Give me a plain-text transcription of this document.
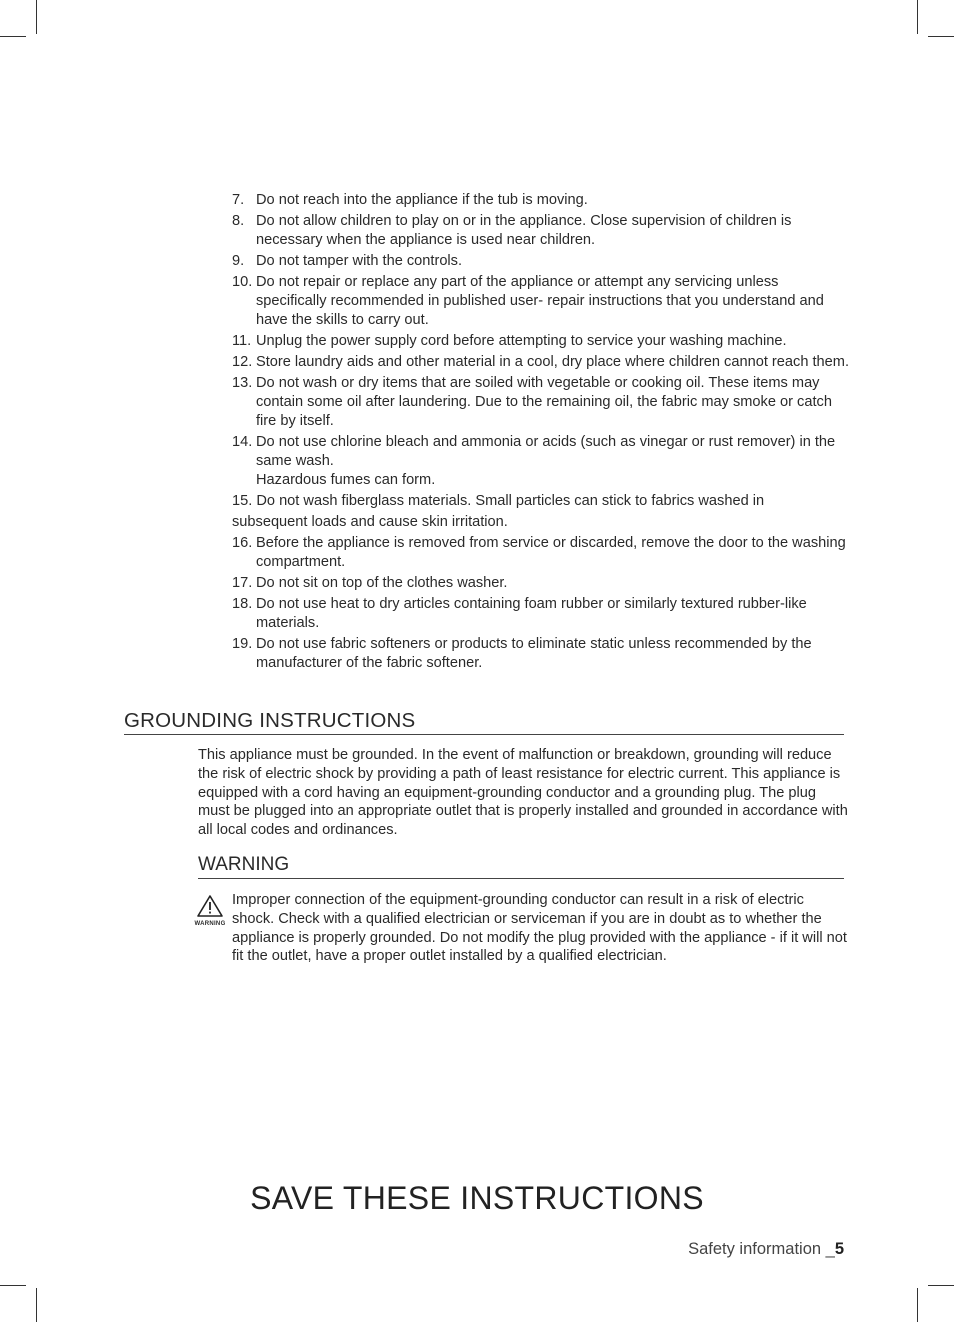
7. Do not reach into the appliance if the tub is moving.
8. Do not allow children to play on or in the appliance. Close supervision of children is necessary when the appliance is used near children.
9. Do not tamper with the controls.
10. Do not repair or replace any part of the appliance or attempt any servicing unless specifically recommended in published user- repair instructions that you understand and have the skills to carry out.
11. Unplug the power supply cord before attempting to service your washing machine.
12. Store laundry aids and other material in a cool, dry place where children cannot reach them.
13. Do not wash or dry items that are soiled with vegetable or cooking oil. These items may contain some oil after laundering. Due to the remaining oil, the fabric may smoke or catch fire by itself.
14. Do not use chlorine bleach and ammonia or acids (such as vinegar or rust remover) in the same wash.
Hazardous fumes can form.
15. Do not wash fiberglass materials. Small particles can stick to fabrics washed in
subsequent loads and cause skin irritation.
16. Before the appliance is removed from service or discarded, remove the door to the washing compartment.
17. Do not sit on top of the clothes washer.
18. Do not use heat to dry articles containing foam rubber or similarly textured rubber-like materials.
19. Do not use fabric softeners or products to eliminate static unless recommended by the manufacturer of the fabric softener.
GROUNDING INSTRUCTIONS

This appliance must be grounded. In the event of malfunction or breakdown, grounding will reduce the risk of electric shock by providing a path of least resistance for electric current. This appliance is equipped with a cord having an equipment-grounding conductor and a grounding plug. The plug must be plugged into an appropriate outlet that is properly installed and grounded in accordance with all local codes and ordinances.

WARNING
WARNING

Improper connection of the equipment-grounding conductor can result in a risk of electric shock. Check with a qualified electrician or serviceman if you are in doubt as to whether the appliance is properly grounded. Do not modify the plug provided with the appliance - if it will not fit the outlet, have a proper outlet installed by a qualified electrician.

SAVE THESE INSTRUCTIONS
Safety information _5
